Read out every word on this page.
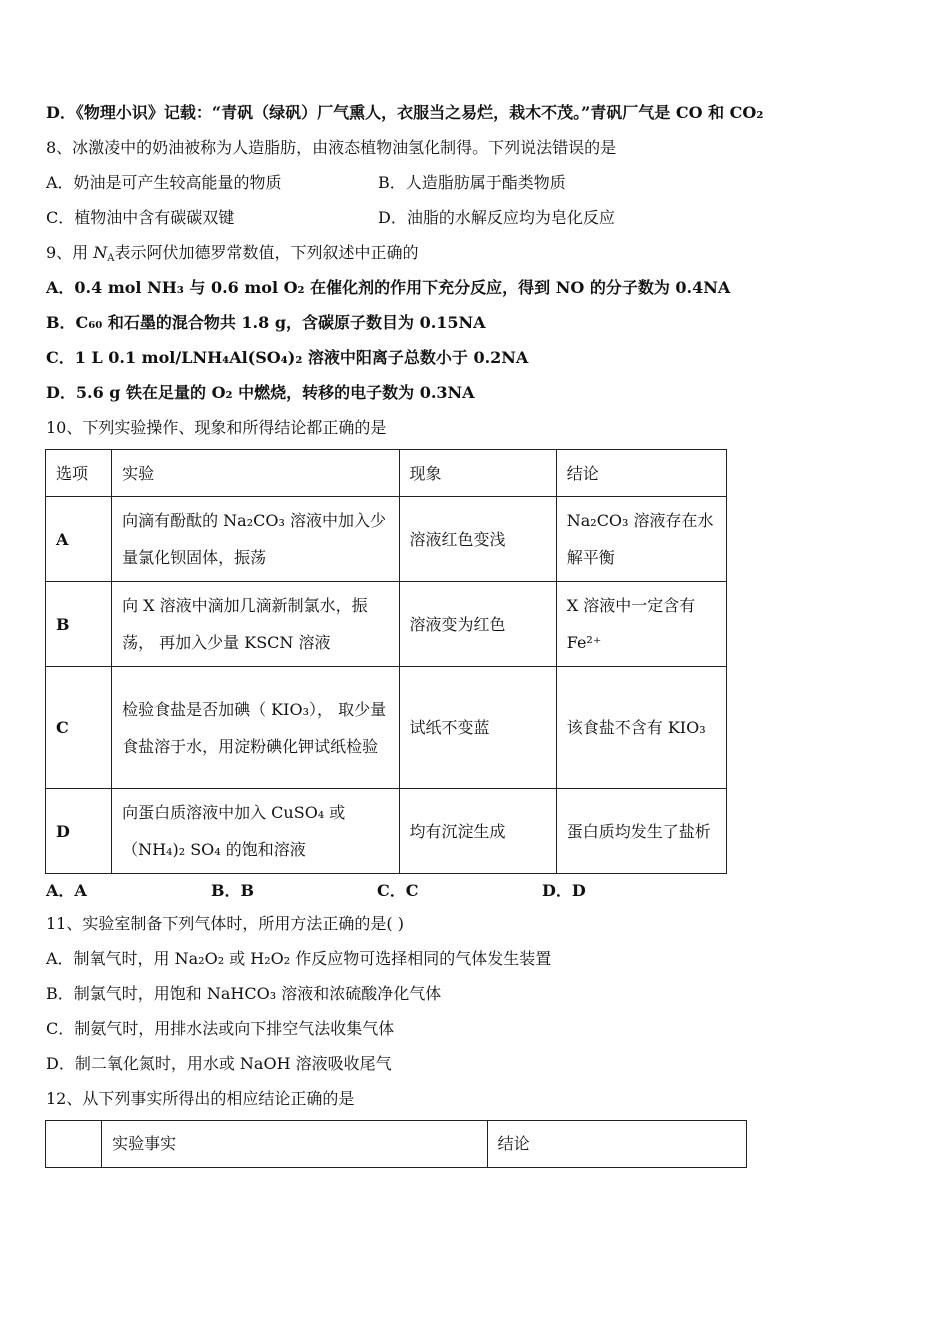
D．《物理小识》记载：“青矾（绿矾）厂气熏人，衣服当之易烂，栽木不茂。”青矾厂气是 CO 和 CO₂
8、冰激凌中的奶油被称为人造脂肪，由液态植物油氢化制得。下列说法错误的是
A．奶油是可产生较高能量的物质	B．人造脂肪属于酯类物质
C．植物油中含有碳碳双键	D．油脂的水解反应均为皂化反应
9、用 $N_A$表示阿伏加德罗常数值，下列叙述中正确的
A．0.4 mol NH₃ 与 0.6 mol O₂ 在催化剂的作用下充分反应，得到 NO 的分子数为 0.4NA
B．C₆₀ 和石墨的混合物共 1.8 g，含碳原子数目为 0.15NA
C．1 L 0.1 mol/LNH₄Al(SO₄)₂ 溶液中阳离子总数小于 0.2NA
D．5.6 g 铁在足量的 O₂ 中燃烧，转移的电子数为 0.3NA
10、下列实验操作、现象和所得结论都正确的是
选项	实验	现象	结论
A	向滴有酚酞的 Na₂CO₃ 溶液中加入少量氯化钡固体，振荡	溶液红色变浅	Na₂CO₃ 溶液存在水解平衡
B	向 X 溶液中滴加几滴新制氯水，振荡， 再加入少量 KSCN 溶液	溶液变为红色	X 溶液中一定含有 Fe²⁺
C	检验食盐是否加碘（ KIO₃）， 取少量食盐溶于水，用淀粉碘化钾试纸检验	试纸不变蓝	该食盐不含有 KIO₃
D	向蛋白质溶液中加入 CuSO₄ 或（NH₄)₂ SO₄ 的饱和溶液	均有沉淀生成	蛋白质均发生了盐析
A．A	B．B	C．C	D．D
11、实验室制备下列气体时，所用方法正确的是( )
A．制氧气时，用 Na₂O₂ 或 H₂O₂ 作反应物可选择相同的气体发生装置
B．制氯气时，用饱和 NaHCO₃ 溶液和浓硫酸净化气体
C．制氨气时，用排水法或向下排空气法收集气体
D．制二氧化氮时，用水或 NaOH 溶液吸收尾气
12、从下列事实所得出的相应结论正确的是
	实验事实	结论
